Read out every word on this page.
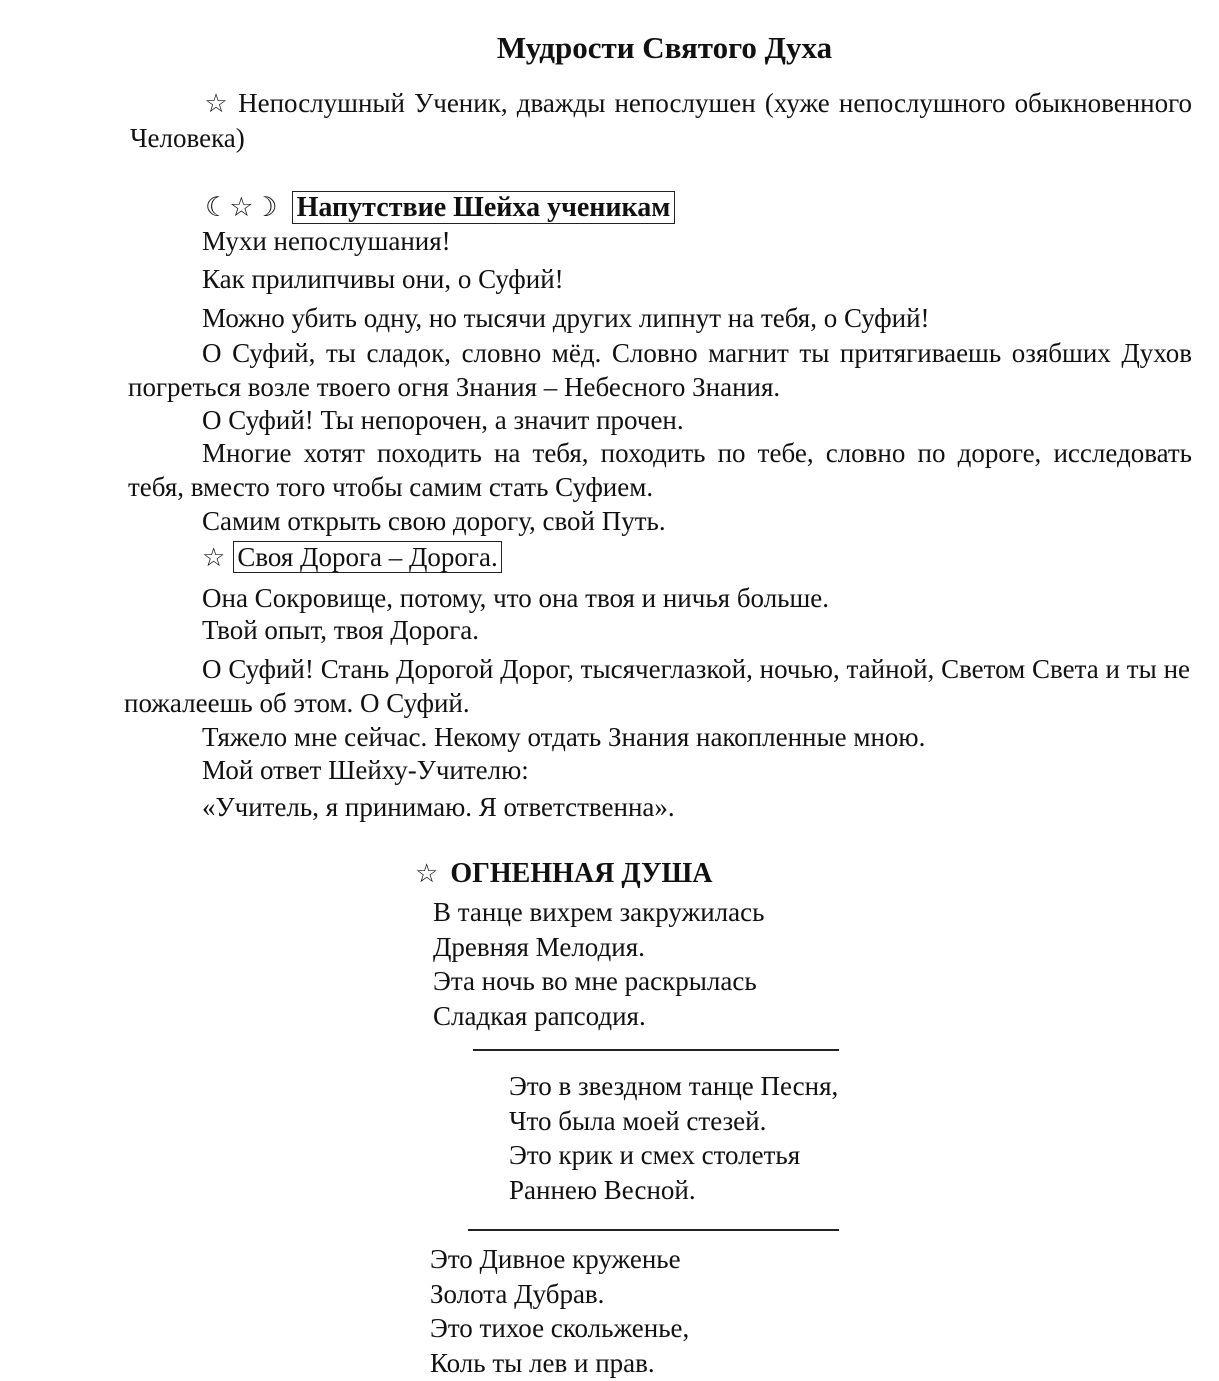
Мудрости Святого Духа
☆ Непослушный Ученик, дважды непослушен (хуже непослушного обыкновенного Человека)
☾☆☽ Напутствие Шейха ученикам
Мухи непослушания!
Как прилипчивы они, о Суфий!
Можно убить одну, но тысячи других липнут на тебя, о Суфий!
О Суфий, ты сладок, словно мёд. Словно магнит ты притягиваешь озябших Духов погреться возле твоего огня Знания – Небесного Знания.
О Суфий! Ты непорочен, а значит прочен.
Многие хотят походить на тебя, походить по тебе, словно по дороге, исследовать тебя, вместо того чтобы самим стать Суфием.
Самим открыть свою дорогу, свой Путь.
☆ Своя Дорога – Дорога.
Она Сокровище, потому, что она твоя и ничья больше.
Твой опыт, твоя Дорога.
О Суфий! Стань Дорогой Дорог, тысячеглазкой, ночью, тайной, Светом Света и ты не пожалеешь об этом. О Суфий.
Тяжело мне сейчас. Некому отдать Знания накопленные мною.
Мой ответ Шейху-Учителю:
«Учитель, я принимаю. Я ответственна».
☆ ОГНЕННАЯ ДУША
В танце вихрем закружилась
Древняя Мелодия.
Эта ночь во мне раскрылась
Сладкая рапсодия.
Это в звездном танце Песня,
Что была моей стезей.
Это крик и смех столетья
Раннею Весной.
Это Дивное круженье
Золота Дубрав.
Это тихое скольженье,
Коль ты лев и прав.
